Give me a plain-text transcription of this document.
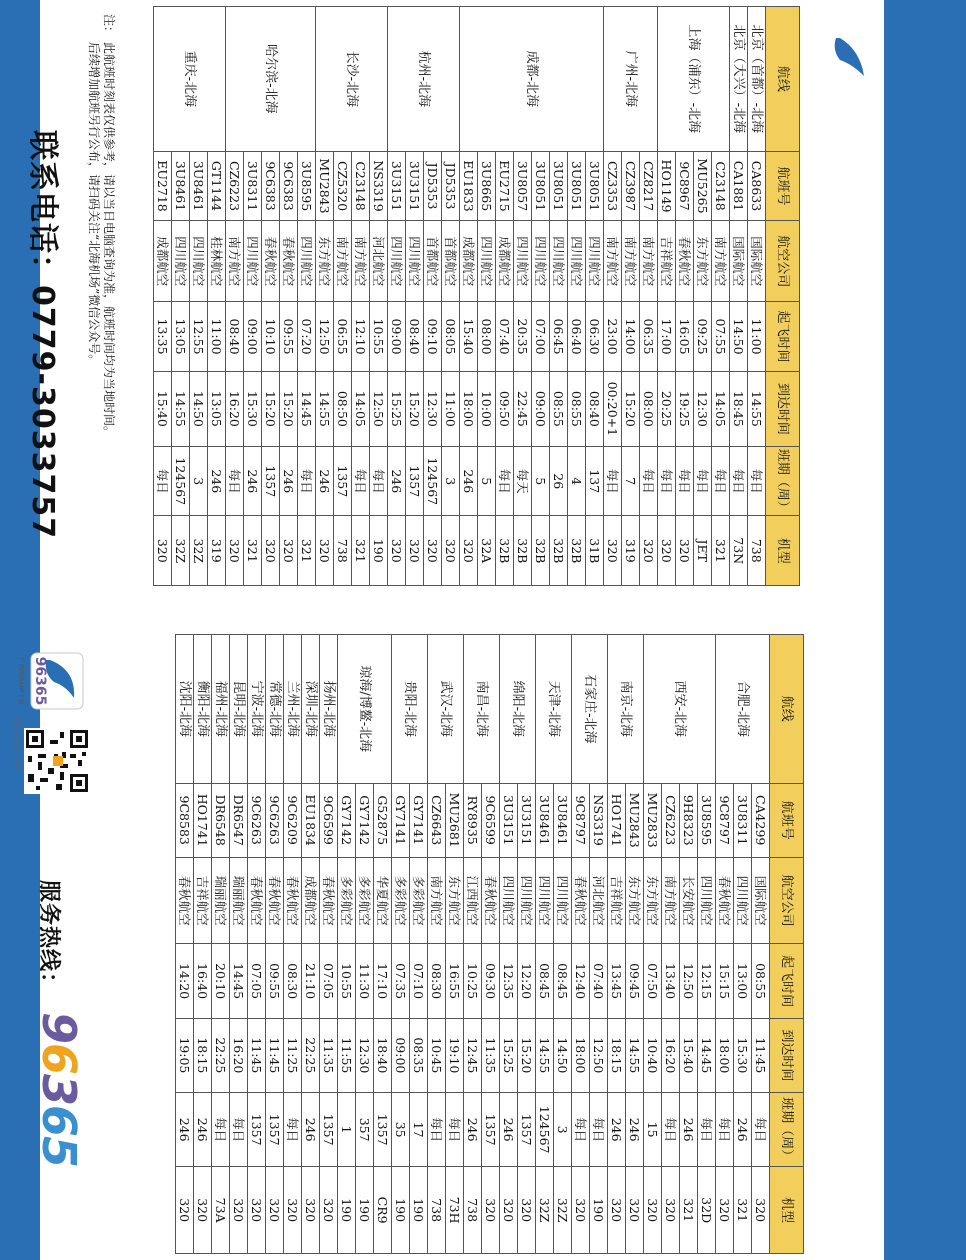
广西机场管理集团北海福成机场有限公司
GUANGXIAIRPORT GROUP
北海机场2020年冬春季航班进港时刻表
（2020年10月25日至2021年3月27日）
航线	航班号	航空公司	起飞时间	到达时间	班期（周）	机型
北京（首都）-北海	CA8633	国际航空	11:00	14:55	每日	738
北京（大兴）-北海	CA1881	国际航空	14:50	18:45	每日	73N
上海（浦东）-北海	C23148	南方航空	07:55	14:05	每日	321
	MU5265	东方航空	09:25	12:30	每日	JET
	9C8967	春秋航空	16:05	19:25	每日	320
	HO1149	吉祥航空	17:00	20:25	每日	320
广州-北海	CZ8217	南方航空	06:35	08:00	每日	320
	CZ3987	南方航空	14:00	15:20	7	319
	CZ3353	南方航空	23:00	00:20+1	每日	320
成都-北海	3U8051	四川航空	06:30	08:40	137	31B
	3U8051	四川航空	06:40	08:55	4	32B
	3U8051	四川航空	06:45	08:55	26	32B
	3U8051	四川航空	07:00	09:00	5	32B
	3U8057	四川航空	20:35	22:45	每天	32B
	EU2715	成都航空	07:40	09:50	每日	32B
	3U8665	四川航空	08:00	10:00	5	32A
	EU1833	成都航空	15:40	18:00	246	320
杭州-北海	JD5353	首都航空	08:05	11:00	3	320
	JD5353	首都航空	09:10	12:30	124567	320
	3U3151	四川航空	08:40	15:20	1357	320
	3U3151	四川航空	09:00	15:25	246	320
长沙-北海	NS3319	河北航空	10:55	12:50	每日	190
	C23148	南方航空	12:10	14:05	每日	321
	CZ5320	南方航空	06:55	08:50	1357	738
	MU2843	东方航空	12:50	14:55	246	320
哈尔滨-北海	3U8595	四川航空	07:20	14:45	每日	321
	9C6383	春秋航空	09:55	15:20	246	320
	9C6383	春秋航空	10:10	15:20	1357	320
	3U8311	四川航空	09:00	15:30	246	321
	CZ6223	南方航空	08:40	16:20	每日	320
重庆-北海	GT1144	桂林航空	11:00	13:05	246	319
	3U8461	四川航空	12:55	14:50	3	32Z
	3U8461	四川航空	13:05	14:55	124567	32Z
	EU2718	成都航空	13:35	15:40	每日	320
航线	航班号	航空公司	起飞时间	到达时间	班期（周）	机型
合肥-北海	CA4299	国际航空	08:55	11:45	每日	320
	3U8311	四川航空	13:00	15:30	246	321
	9C8797	春秋航空	15:15	18:00	每日	320
西安-北海	3U8595	四川航空	12:15	14:45	每日	32D
	9H8323	长安航空	12:50	15:40	246	321
	CZ6223	南方航空	13:40	16:20	每日	320
	MU2833	东方航空	07:50	10:40	15	320
南京-北海	MU2843	东方航空	09:45	14:55	246	320
	HO1741	吉祥航空	13:45	18:15	246	320
石家庄-北海	NS3319	河北航空	07:40	12:50	每日	190
	9C8797	春秋航空	12:40	18:00	每日	320
天津-北海	3U8461	四川航空	08:45	14:50	3	32Z
	3U8461	四川航空	08:45	14:55	124567	32Z
绵阳-北海	3U3151	四川航空	12:20	15:20	1357	320
	3U3151	四川航空	12:35	15:25	246	320
南昌-北海	9C6599	春秋航空	09:30	11:35	1357	320
	RY8935	江西航空	10:25	12:45	246	738
武汉-北海	MU2681	东方航空	16:55	19:10	每日	73H
	CZ6643	南方航空	08:30	10:45	每日	738
贵阳-北海	GY7141	多彩航空	07:10	08:35	17	190
	GY7141	多彩航空	07:35	09:00	35	190
琼海/博鳌-北海	G52875	华夏航空	17:10	18:40	1357	CR9
	GY7142	多彩航空	11:30	12:30	357	190
	GY7142	多彩航空	10:55	11:55	1	190
扬州-北海	9C6599	春秋航空	07:05	11:35	1357	320
深圳-北海	EU1834	成都航空	21:10	22:25	246	320
兰州-北海	9C6209	春秋航空	08:30	11:25	每日	320
常德-北海	9C6263	春秋航空	09:55	11:45	1357	320
宁波-北海	9C6263	春秋航空	07:05	11:45	1357	320
昆明-北海	DR6547	瑞丽航空	14:45	16:20	每日	320
福州-北海	DR6548	瑞丽航空	20:10	22:25	每日	73A
衡阳-北海	HO1741	吉祥航空	16:40	18:15	246	320
沈阳-北海	9C8583	春秋航空	14:20	19:05	246	320
注：
此航班时刻表仅供参考，请以当日电脑查询为准，航班时间均为当地时间。
后续增加航班另行公布，请扫码关注“北海机场”微信公众号。
联系电话：0779-3033757
96365
广西机场APP下载
北海机场微信公众号
服务热线：
96365
